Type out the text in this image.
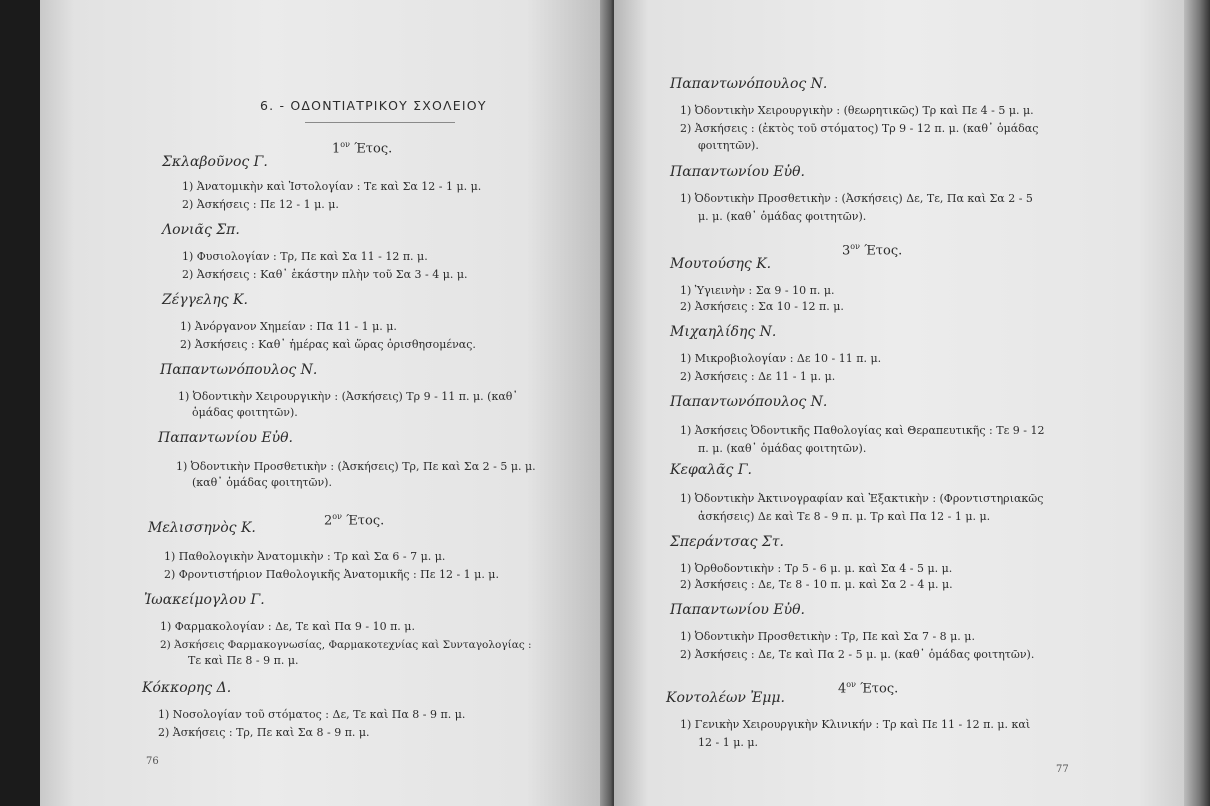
6. - ΟΔΟΝΤΙΑΤΡΙΚΟΥ ΣΧΟΛΕΙΟΥ
$1^{o\nu}$ Έτος.
Σκλαβοῦνος Γ.
1) Ἀνατομικὴν καὶ Ἱστολογίαν : Τε καὶ Σα 12 - 1 μ. μ.
2) Ἀσκήσεις : Πε 12 - 1 μ. μ.
Λονιᾶς Σπ.
1) Φυσιολογίαν : Τρ, Πε καὶ Σα 11 - 12 π. μ.
2) Ἀσκήσεις : Καθ᾽ ἑκάστην πλὴν τοῦ Σα 3 - 4 μ. μ.
Ζέγγελης Κ.
1) Ἀνόργανον Χημείαν : Πα 11 - 1 μ. μ.
2) Ἀσκήσεις : Καθ᾽ ἡμέρας καὶ ὥρας ὁρισθησομένας.
Παπαντωνόπουλος Ν.
1) Ὀδοντικὴν Χειρουργικὴν : (Ἀσκήσεις) Τρ 9 - 11 π. μ. (καθ᾽
ὁμάδας φοιτητῶν).
Παπαντωνίου Εὐθ.
1) Ὀδοντικὴν Προσθετικὴν : (Ἀσκήσεις) Τρ, Πε καὶ Σα 2 - 5 μ. μ.
(καθ᾽ ὁμάδας φοιτητῶν).
$2^{o\nu}$ Έτος.
Μελισσηνὸς Κ.
1) Παθολογικὴν Ἀνατομικὴν : Τρ καὶ Σα 6 - 7 μ. μ.
2) Φροντιστήριον Παθολογικῆς Ἀνατομικῆς : Πε 12 - 1 μ. μ.
Ἰωακείμογλου Γ.
1) Φαρμακολογίαν : Δε, Τε καὶ Πα 9 - 10 π. μ.
2) Ἀσκήσεις Φαρμακογνωσίας, Φαρμακοτεχνίας καὶ Συνταγολογίας :
Τε καὶ Πε 8 - 9 π. μ.
Κόκκορης Δ.
1) Νοσολογίαν τοῦ στόματος : Δε, Τε καὶ Πα 8 - 9 π. μ.
2) Ἀσκήσεις : Τρ, Πε καὶ Σα 8 - 9 π. μ.
76
Παπαντωνόπουλος Ν.
1) Ὀδοντικὴν Χειρουργικὴν : (θεωρητικῶς) Τρ καὶ Πε 4 - 5 μ. μ.
2) Ἀσκήσεις : (ἐκτὸς τοῦ στόματος) Τρ 9 - 12 π. μ. (καθ᾽ ὁμάδας
φοιτητῶν).
Παπαντωνίου Εὐθ.
1) Ὀδοντικὴν Προσθετικὴν : (Ἀσκήσεις) Δε, Τε, Πα καὶ Σα 2 - 5
μ. μ. (καθ᾽ ὁμάδας φοιτητῶν).
$3^{o\nu}$ Έτος.
Μουτούσης Κ.
1) Ὑγιεινὴν : Σα 9 - 10 π. μ.
2) Ἀσκήσεις : Σα 10 - 12 π. μ.
Μιχαηλίδης Ν.
1) Μικροβιολογίαν : Δε 10 - 11 π. μ.
2) Ἀσκήσεις : Δε 11 - 1 μ. μ.
Παπαντωνόπουλος Ν.
1) Ἀσκήσεις Ὀδοντικῆς Παθολογίας καὶ Θεραπευτικῆς : Τε 9 - 12
π. μ. (καθ᾽ ὁμάδας φοιτητῶν).
Κεφαλᾶς Γ.
1) Ὀδοντικὴν Ἀκτινογραφίαν καὶ Ἐξακτικὴν : (Φροντιστηριακῶς
ἀσκήσεις) Δε καὶ Τε 8 - 9 π. μ. Τρ καὶ Πα 12 - 1 μ. μ.
Σπεράντσας Στ.
1) Ὀρθοδοντικὴν : Τρ 5 - 6 μ. μ. καὶ Σα 4 - 5 μ. μ.
2) Ἀσκήσεις : Δε, Τε 8 - 10 π. μ. καὶ Σα 2 - 4 μ. μ.
Παπαντωνίου Εὐθ.
1) Ὀδοντικὴν Προσθετικὴν : Τρ, Πε καὶ Σα 7 - 8 μ. μ.
2) Ἀσκήσεις : Δε, Τε καὶ Πα 2 - 5 μ. μ. (καθ᾽ ὁμάδας φοιτητῶν).
$4^{o\nu}$ Έτος.
Κοντολέων Ἐμμ.
1) Γενικὴν Χειρουργικὴν Κλινικήν : Τρ καὶ Πε 11 - 12 π. μ. καὶ
12 - 1 μ. μ.
77
